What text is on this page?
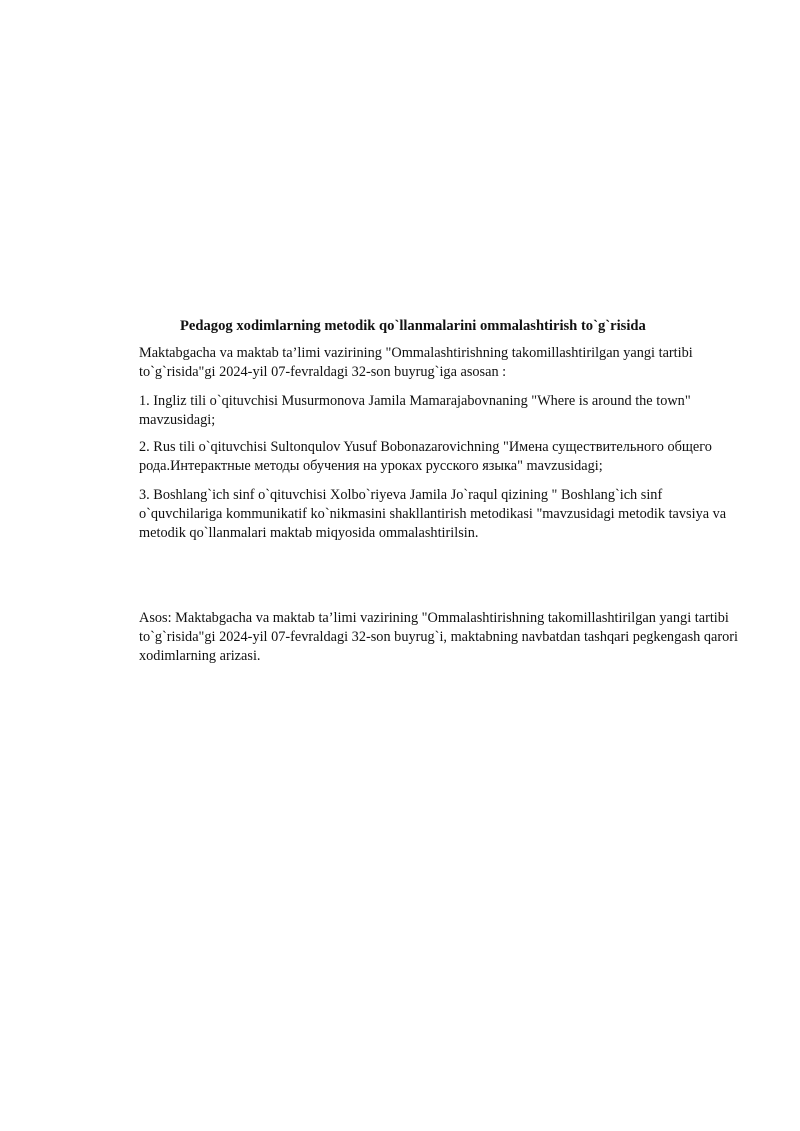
Pedagog xodimlarning metodik qo`llanmalarini ommalashtirish to`g`risida

Maktabgacha va maktab ta’limi vazirining "Ommalashtirishning takomillashtirilgan yangi tartibi to`g`risida"gi 2024-yil 07-fevraldagi 32-son buyrug`iga asosan :

1. Ingliz tili o`qituvchisi Musurmonova Jamila Mamarajabovnaning "Where is around the town" mavzusidagi;

2. Rus tili o`qituvchisi Sultonqulov Yusuf Bobonazarovichning "Имена существительного общего рода.Интерактные методы обучения на уроках русского языка" mavzusidagi;

3. Boshlang`ich sinf o`qituvchisi Xolbo`riyeva Jamila Jo`raqul qizining " Boshlang`ich sinf o`quvchilariga kommunikatif ko`nikmasini shakllantirish metodikasi "mavzusidagi metodik tavsiya va metodik qo`llanmalari maktab miqyosida ommalashtirilsin.

Asos: Maktabgacha va maktab ta’limi vazirining "Ommalashtirishning takomillashtirilgan yangi tartibi to`g`risida"gi 2024-yil 07-fevraldagi 32-son buyrug`i, maktabning navbatdan tashqari pegkengash qarori xodimlarning arizasi.
